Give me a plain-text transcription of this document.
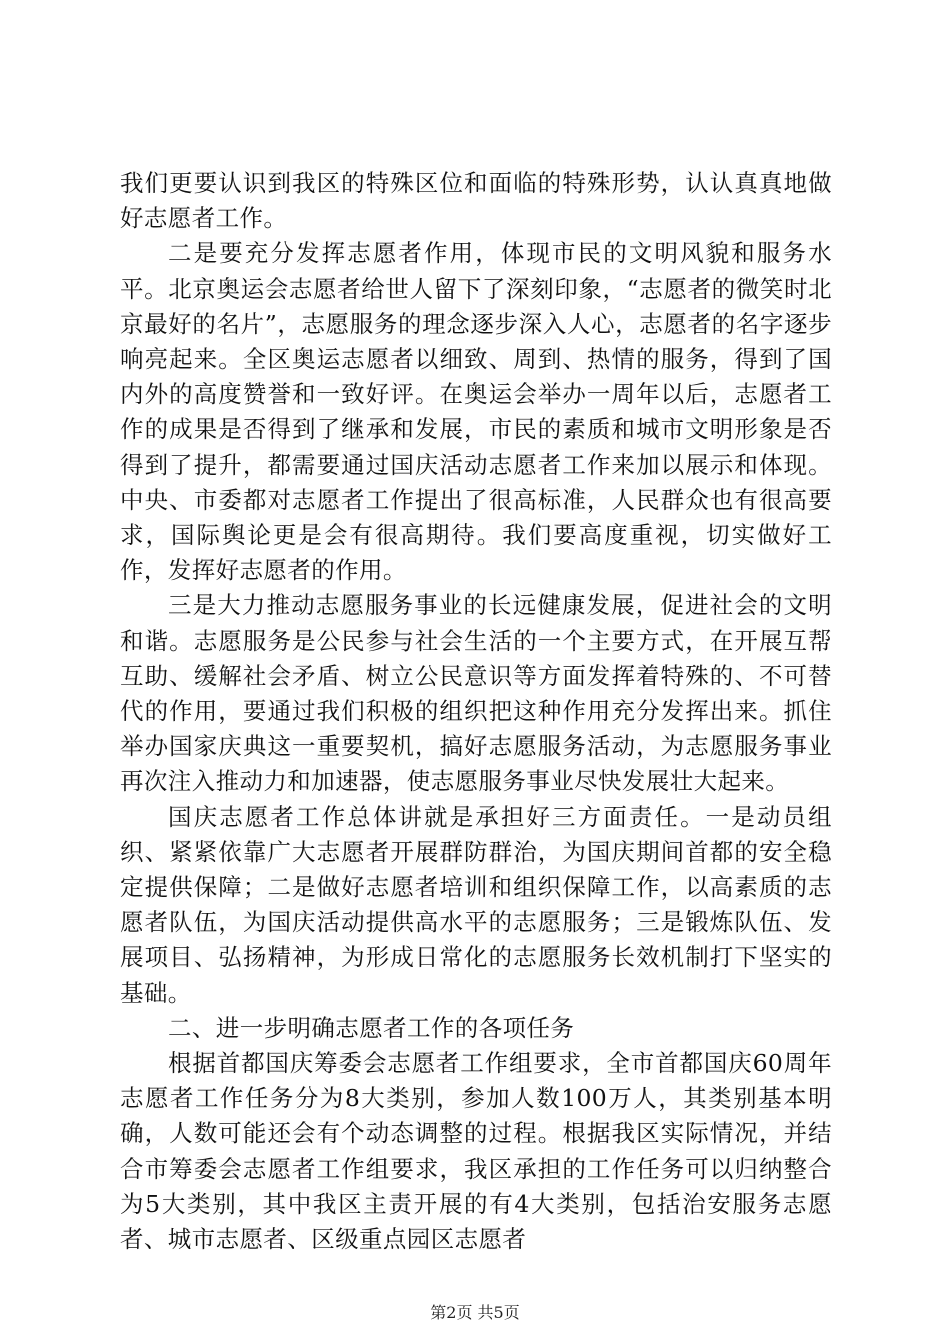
我们更要认识到我区的特殊区位和面临的特殊形势，认认真真地做好志愿者工作。

二是要充分发挥志愿者作用，体现市民的文明风貌和服务水平。北京奥运会志愿者给世人留下了深刻印象，“志愿者的微笑时北京最好的名片”，志愿服务的理念逐步深入人心，志愿者的名字逐步响亮起来。全区奥运志愿者以细致、周到、热情的服务，得到了国内外的高度赞誉和一致好评。在奥运会举办一周年以后，志愿者工作的成果是否得到了继承和发展，市民的素质和城市文明形象是否得到了提升，都需要通过国庆活动志愿者工作来加以展示和体现。中央、市委都对志愿者工作提出了很高标准，人民群众也有很高要求，国际舆论更是会有很高期待。我们要高度重视，切实做好工作，发挥好志愿者的作用。

三是大力推动志愿服务事业的长远健康发展，促进社会的文明和谐。志愿服务是公民参与社会生活的一个主要方式，在开展互帮互助、缓解社会矛盾、树立公民意识等方面发挥着特殊的、不可替代的作用，要通过我们积极的组织把这种作用充分发挥出来。抓住举办国家庆典这一重要契机，搞好志愿服务活动，为志愿服务事业再次注入推动力和加速器，使志愿服务事业尽快发展壮大起来。

国庆志愿者工作总体讲就是承担好三方面责任。一是动员组织、紧紧依靠广大志愿者开展群防群治，为国庆期间首都的安全稳定提供保障；二是做好志愿者培训和组织保障工作，以高素质的志愿者队伍，为国庆活动提供高水平的志愿服务；三是锻炼队伍、发展项目、弘扬精神，为形成日常化的志愿服务长效机制打下坚实的基础。

二、进一步明确志愿者工作的各项任务

根据首都国庆筹委会志愿者工作组要求，全市首都国庆60周年志愿者工作任务分为8大类别，参加人数100万人，其类别基本明确，人数可能还会有个动态调整的过程。根据我区实际情况，并结合市筹委会志愿者工作组要求，我区承担的工作任务可以归纳整合为5大类别，其中我区主责开展的有4大类别，包括治安服务志愿者、城市志愿者、区级重点园区志愿者

第2页 共5页
